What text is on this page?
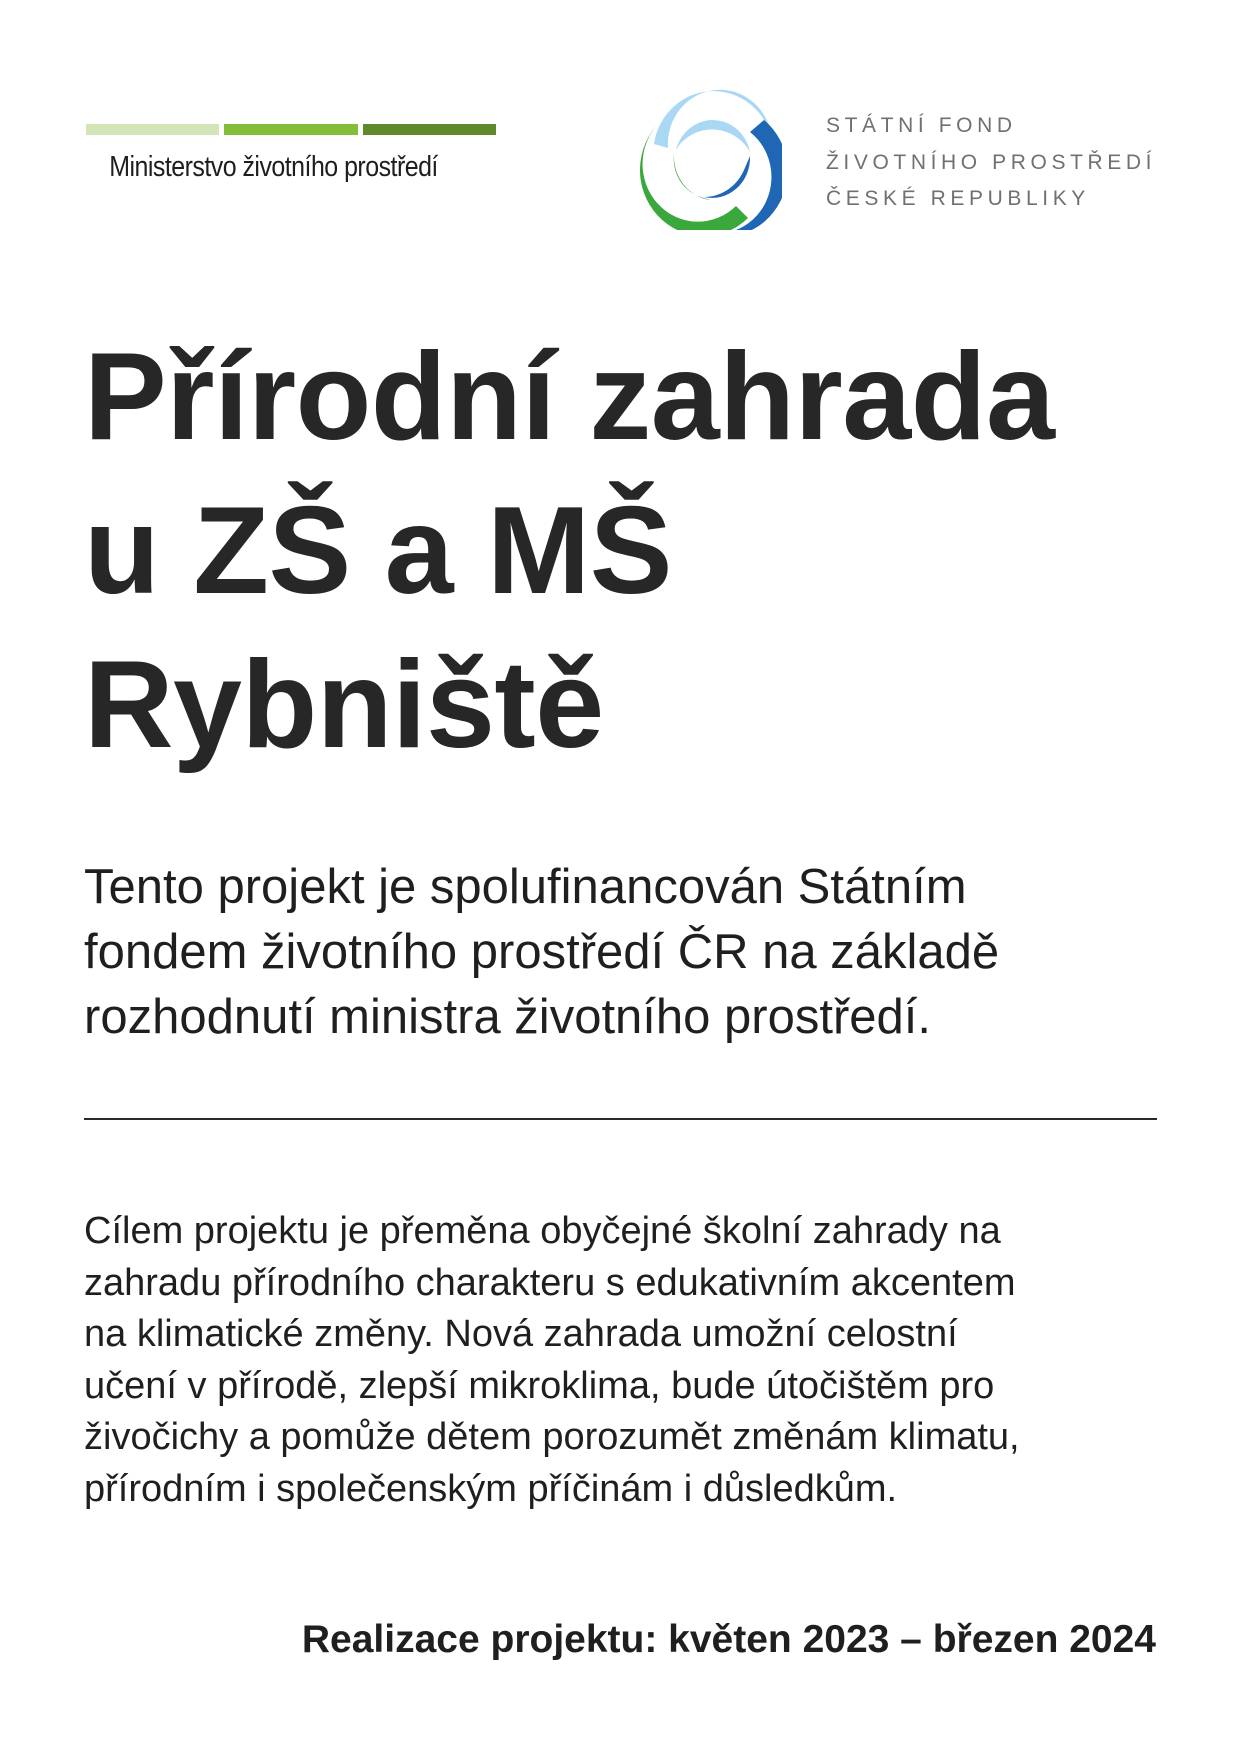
Ministerstvo životního prostředí
STÁTNÍ FOND
ŽIVOTNÍHO PROSTŘEDÍ
ČESKÉ REPUBLIKY
Přírodní zahrada
u ZŠ a MŠ
Rybniště

Tento projekt je spolufinancován Státním
fondem životního prostředí ČR na základě
rozhodnutí ministra životního prostředí.

Cílem projektu je přeměna obyčejné školní zahrady na
zahradu přírodního charakteru s edukativním akcentem
na klimatické změny. Nová zahrada umožní celostní
učení v přírodě, zlepší mikroklima, bude útočištěm pro
živočichy a pomůže dětem porozumět změnám klimatu,
přírodním i společenským příčinám i důsledkům.

Realizace projektu: květen 2023 – březen 2024
